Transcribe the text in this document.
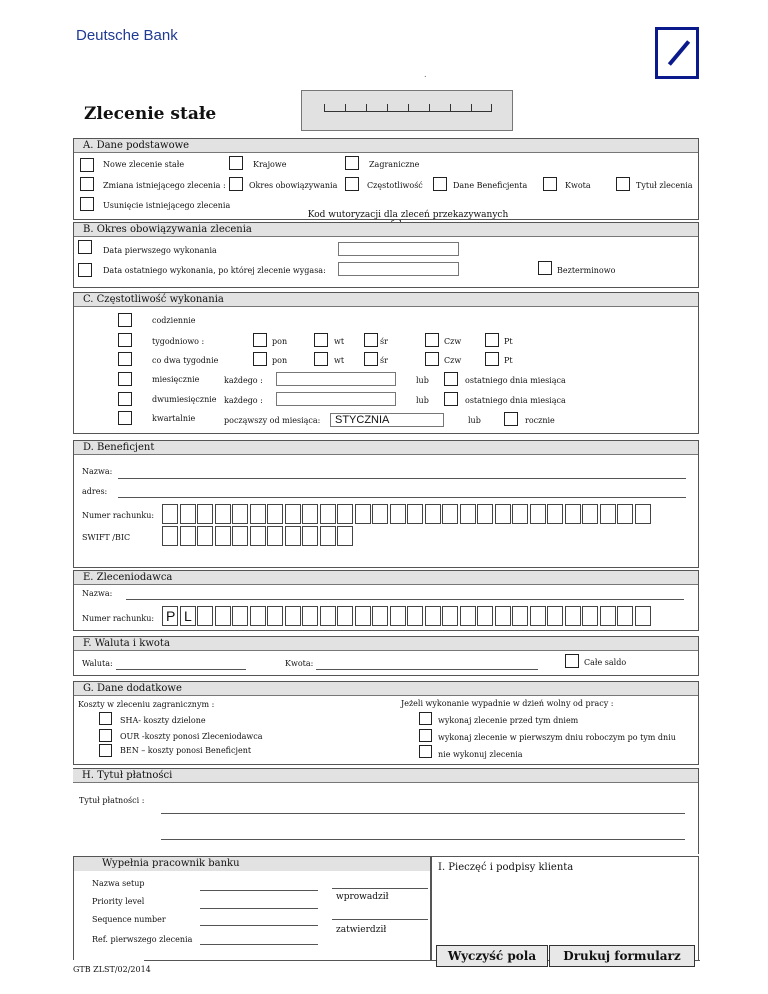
Deutsche Bank
.
Zlecenie stałe
Kod wutoryzacji dla zleceń przekazywanych
A. Dane podstawowe
Nowe zlecenie stałe	Krajowe	Zagraniczne
Zmiana istniejącego zlecenia :	Okres obowiązywania	Częstotliwość	Dane Beneficjenta	Kwota	Tytuł zlecenia
Usunięcie istniejącego zlecenia
B. Okres obowiązywania zlecenia
Data pierwszego wykonania
Data ostatniego wykonania, po której zlecenie wygasa:	Bezterminowo
C. Częstotliwość wykonania
codziennie
tygodniowo :	pon	wt	śr	Czw	Pt
co dwa tygodnie	pon	wt	śr	Czw	Pt
miesięcznie	każdego :	lub	ostatniego dnia miesiąca
dwumiesięcznie każdego :	lub	ostatniego dnia miesiąca
kwartalnie	począwszy od miesiąca:	STYCZNIA	lub	rocznie
D. Beneficjent
Nazwa:
adres:
Numer rachunku:
SWIFT /BIC
E. Zleceniodawca
Nazwa:
Numer rachunku: P L
F. Waluta i kwota
Waluta:	Kwota:	Całe saldo
G. Dane dodatkowe
Koszty w zleceniu zagranicznym :	Jeżeli wykonanie wypadnie w dzień wolny od pracy :
SHA- koszty dzielone
OUR -koszty ponosi Zleceniodawca
BEN – koszty ponosi Beneficjent
wykonaj zlecenie przed tym dniem
wykonaj zlecenie w pierwszym dniu roboczym po tym dniu
nie wykonuj zlecenia
H. Tytuł płatności
Tytuł płatności :
Wypełnia pracownik banku	I. Pieczęć i podpisy klienta
Nazwa setup
Priority level
Sequence number
Ref. pierwszego zlecenia
wprowadził
zatwierdził
Wyczyść pola	Drukuj formularz
GTB ZLST/02/2014
